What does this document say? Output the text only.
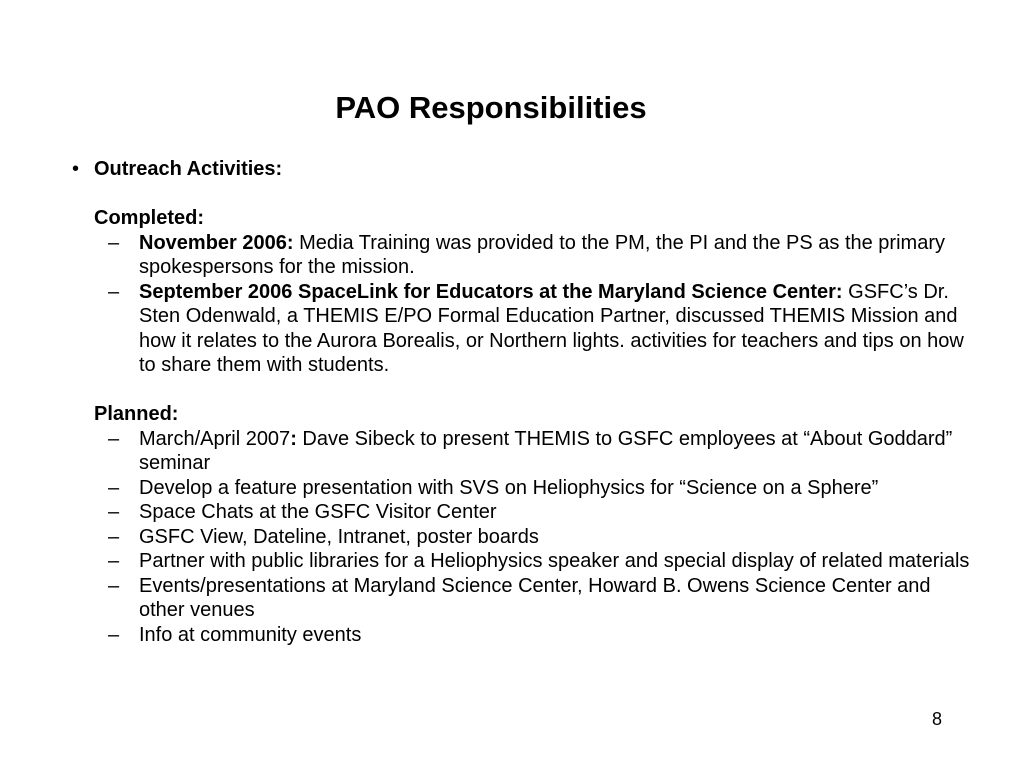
PAO Responsibilities
• Outreach Activities:
Completed:
– November 2006: Media Training was provided to the PM, the PI and the PS as the primary spokespersons for the mission.
– September 2006 SpaceLink for Educators at the Maryland Science Center: GSFC’s Dr. Sten Odenwald, a THEMIS E/PO Formal Education Partner, discussed THEMIS Mission and how it relates to the Aurora Borealis, or Northern lights. activities for teachers and tips on how to share them with students.
Planned:
– March/April 2007: Dave Sibeck to present THEMIS to GSFC employees at “About Goddard” seminar
– Develop a feature presentation with SVS on Heliophysics for “Science on a Sphere”
– Space Chats at the GSFC Visitor Center
– GSFC View, Dateline, Intranet, poster boards
– Partner with public libraries for a Heliophysics speaker and special display of related materials
– Events/presentations at Maryland Science Center, Howard B. Owens Science Center and other venues
– Info at community events
8
